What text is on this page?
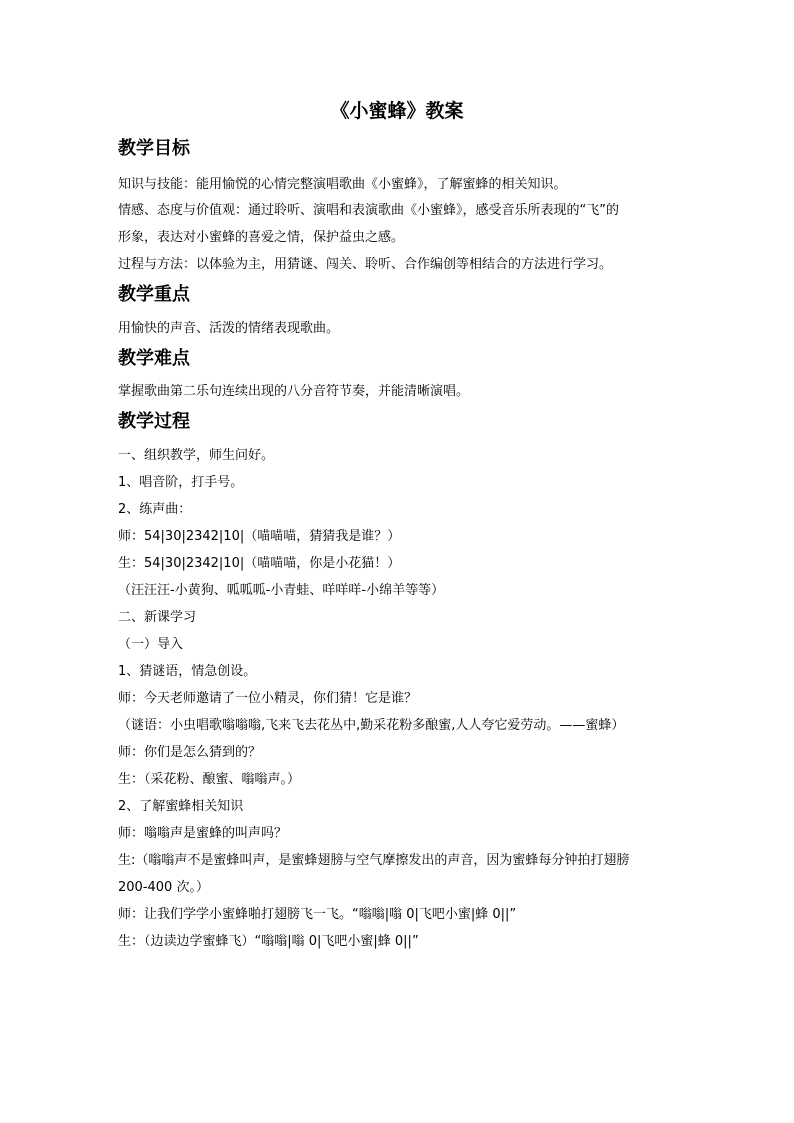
《小蜜蜂》教案
教学目标
知识与技能：能用愉悦的心情完整演唱歌曲《小蜜蜂》，了解蜜蜂的相关知识。
情感、态度与价值观：通过聆听、演唱和表演歌曲《小蜜蜂》，感受音乐所表现的“飞”的
形象，表达对小蜜蜂的喜爱之情，保护益虫之感。
过程与方法：以体验为主，用猜谜、闯关、聆听、合作编创等相结合的方法进行学习。
教学重点
用愉快的声音、活泼的情绪表现歌曲。
教学难点
掌握歌曲第二乐句连续出现的八分音符节奏，并能清晰演唱。
教学过程
一、组织教学，师生问好。
1、唱音阶，打手号。
2、练声曲：
师：54|30|2342|10|（喵喵喵，猜猜我是谁？）
生：54|30|2342|10|（喵喵喵，你是小花猫！）
（汪汪汪-小黄狗、呱呱呱-小青蛙、咩咩咩-小绵羊等等）
二、新课学习
（一）导入
1、猜谜语，情急创设。
师：今天老师邀请了一位小精灵，你们猜！它是谁？
（谜语：小虫唱歌嗡嗡嗡,飞来飞去花丛中,勤采花粉多酿蜜,人人夸它爱劳动。——蜜蜂）
师：你们是怎么猜到的？
生：（采花粉、酿蜜、嗡嗡声。）
2、了解蜜蜂相关知识
师：嗡嗡声是蜜蜂的叫声吗？
生:（嗡嗡声不是蜜蜂叫声，是蜜蜂翅膀与空气摩擦发出的声音，因为蜜蜂每分钟拍打翅膀
200-400 次。）
师：让我们学学小蜜蜂啪打翅膀飞一飞。“嗡嗡|嗡 0|飞吧小蜜|蜂 0||”
生：（边读边学蜜蜂飞）“嗡嗡|嗡 0|飞吧小蜜|蜂 0||”
